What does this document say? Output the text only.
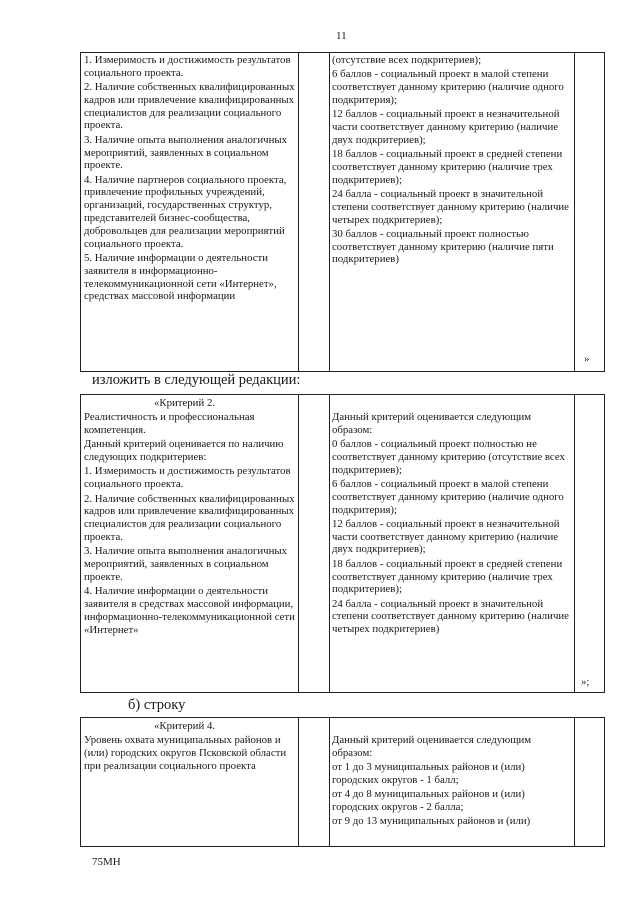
11

1. Измеримость и достижимость результатов социального проекта.

2. Наличие собственных квалифицированных кадров или привлечение квалифицированных специалистов для реализации социального проекта.

3. Наличие опыта выполнения аналогичных мероприятий, заявленных в социальном проекте.

4. Наличие партнеров социального проекта, привлечение профильных учреждений, организаций, государственных структур, представителей бизнес-сообщества, добровольцев для реализации мероприятий социального проекта.

5. Наличие информации о деятельности заявителя в информационно-телекоммуникационной сети «Интернет», средствах массовой информации

(отсутствие всех подкритериев);

6 баллов - социальный проект в малой степени соответствует данному критерию (наличие одного подкритерия);

12 баллов - социальный проект в незначительной части соответствует данному критерию (наличие двух подкритериев);

18 баллов - социальный проект в средней степени соответствует данному критерию (наличие трех подкритериев);

24 балла - социальный проект в значительной степени соответствует данному критерию (наличие четырех подкритериев);

30 баллов - социальный проект полностью соответствует данному критерию (наличие пяти подкритериев)

»
изложить в следующей редакции:

«Критерий 2.

Реалистичность и профессиональная компетенция.

Данный критерий оценивается по наличию следующих подкритериев:

1. Измеримость и достижимость результатов социального проекта.

2. Наличие собственных квалифицированных кадров или привлечение квалифицированных специалистов для реализации социального проекта.

3. Наличие опыта выполнения аналогичных мероприятий, заявленных в социальном проекте.

4. Наличие информации о деятельности заявителя в средствах массовой информации, информационно-телекоммуникационной сети «Интернет»

Данный критерий оценивается следующим образом:

0 баллов - социальный проект полностью не соответствует данному критерию (отсутствие всех подкритериев);

6 баллов - социальный проект в малой степени соответствует данному критерию (наличие одного подкритерия);

12 баллов - социальный проект в незначительной части соответствует данному критерию (наличие двух подкритериев);

18 баллов - социальный проект в средней степени соответствует данному критерию (наличие трех подкритериев);

24 балла - социальный проект в значительной степени соответствует данному критерию (наличие четырех подкритериев)

»;
б) строку

«Критерий 4.

Уровень охвата муниципальных районов и (или) городских округов Псковской области при реализации социального проекта

Данный критерий оценивается следующим образом:

от 1 до 3 муниципальных районов и (или) городских округов - 1 балл;

от 4 до 8 муниципальных районов и (или) городских округов - 2 балла;

от 9 до 13 муниципальных районов и (или)

75МН
